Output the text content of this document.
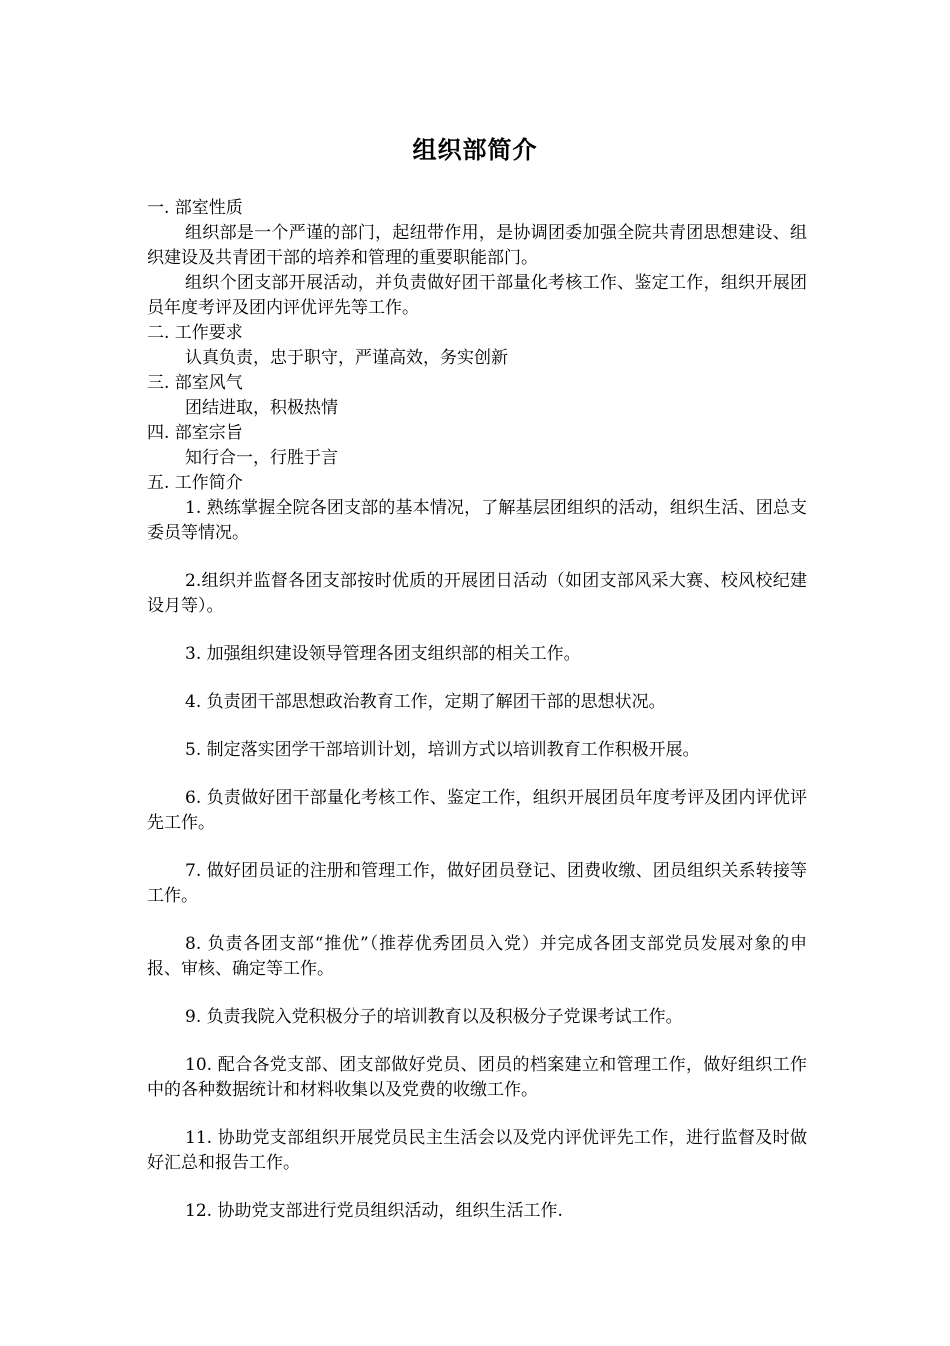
组织部简介

一. 部室性质

组织部是一个严谨的部门，起纽带作用，是协调团委加强全院共青团思想建设、组织建设及共青团干部的培养和管理的重要职能部门。

组织个团支部开展活动，并负责做好团干部量化考核工作、鉴定工作，组织开展团员年度考评及团内评优评先等工作。

二. 工作要求

认真负责，忠于职守，严谨高效，务实创新

三. 部室风气

团结进取，积极热情

四. 部室宗旨

知行合一，行胜于言

五. 工作简介

1. 熟练掌握全院各团支部的基本情况，了解基层团组织的活动，组织生活、团总支委员等情况。

2.组织并监督各团支部按时优质的开展团日活动（如团支部风采大赛、校风校纪建设月等）。

3. 加强组织建设领导管理各团支组织部的相关工作。

4. 负责团干部思想政治教育工作，定期了解团干部的思想状况。

5. 制定落实团学干部培训计划，培训方式以培训教育工作积极开展。

6. 负责做好团干部量化考核工作、鉴定工作，组织开展团员年度考评及团内评优评先工作。

7. 做好团员证的注册和管理工作，做好团员登记、团费收缴、团员组织关系转接等工作。

8. 负责各团支部“推优”（推荐优秀团员入党）并完成各团支部党员发展对象的申报、审核、确定等工作。

9. 负责我院入党积极分子的培训教育以及积极分子党课考试工作。

10. 配合各党支部、团支部做好党员、团员的档案建立和管理工作，做好组织工作中的各种数据统计和材料收集以及党费的收缴工作。

11. 协助党支部组织开展党员民主生活会以及党内评优评先工作，进行监督及时做好汇总和报告工作。

12. 协助党支部进行党员组织活动，组织生活工作.
